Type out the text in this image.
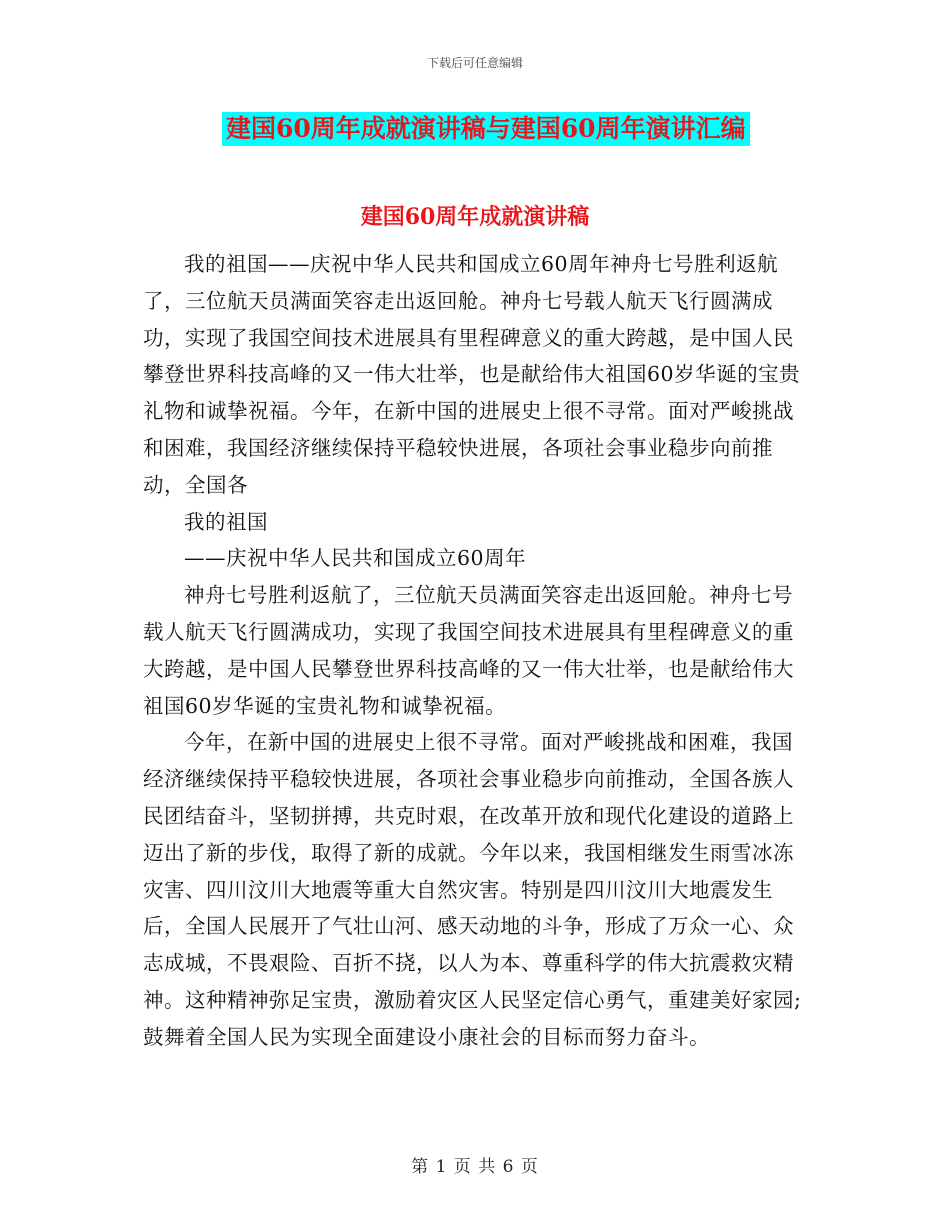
下载后可任意编辑
建国60周年成就演讲稿与建国60周年演讲汇编
建国60周年成就演讲稿

我的祖国——庆祝中华人民共和国成立60周年神舟七号胜利返航了，三位航天员满面笑容走出返回舱。神舟七号载人航天飞行圆满成功，实现了我国空间技术进展具有里程碑意义的重大跨越，是中国人民攀登世界科技高峰的又一伟大壮举，也是献给伟大祖国60岁华诞的宝贵礼物和诚挚祝福。今年，在新中国的进展史上很不寻常。面对严峻挑战和困难，我国经济继续保持平稳较快进展，各项社会事业稳步向前推动，全国各

我的祖国

——庆祝中华人民共和国成立60周年

神舟七号胜利返航了，三位航天员满面笑容走出返回舱。神舟七号载人航天飞行圆满成功，实现了我国空间技术进展具有里程碑意义的重大跨越，是中国人民攀登世界科技高峰的又一伟大壮举，也是献给伟大祖国60岁华诞的宝贵礼物和诚挚祝福。

今年，在新中国的进展史上很不寻常。面对严峻挑战和困难，我国经济继续保持平稳较快进展，各项社会事业稳步向前推动，全国各族人民团结奋斗，坚韧拼搏，共克时艰，在改革开放和现代化建设的道路上迈出了新的步伐，取得了新的成就。今年以来，我国相继发生雨雪冰冻灾害、四川汶川大地震等重大自然灾害。特别是四川汶川大地震发生后，全国人民展开了气壮山河、感天动地的斗争，形成了万众一心、众志成城，不畏艰险、百折不挠，以人为本、尊重科学的伟大抗震救灾精神。这种精神弥足宝贵，激励着灾区人民坚定信心勇气，重建美好家园;鼓舞着全国人民为实现全面建设小康社会的目标而努力奋斗。

第 1 页 共 6 页
